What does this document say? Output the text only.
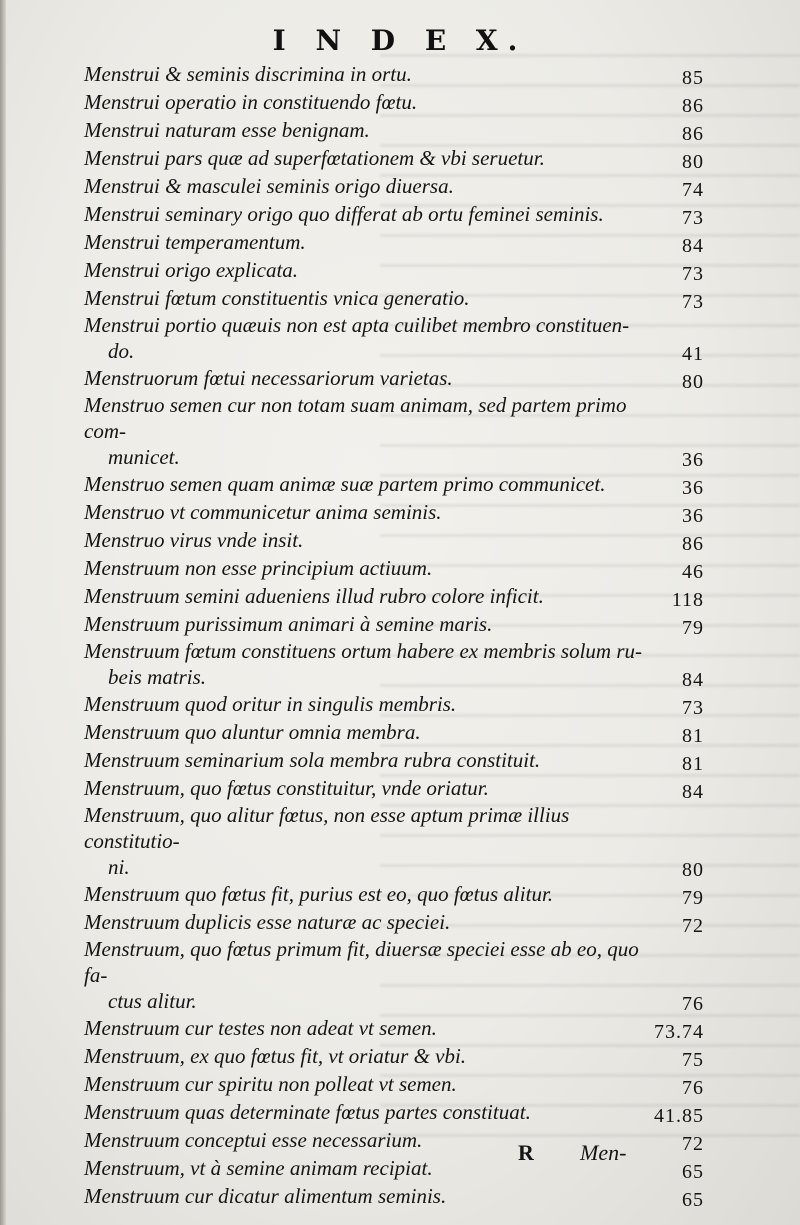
I N D E X.
Menstrui & seminis discrimina in ortu.	85
Menstrui operatio in constituendo fœtu.	86
Menstrui naturam esse benignam.	86
Menstrui pars quæ ad superfœtationem & vbi seruetur.	80
Menstrui & masculei seminis origo diuersa.	74
Menstrui seminary origo quo differat ab ortu feminei seminis.	73
Menstrui temperamentum.	84
Menstrui origo explicata.	73
Menstrui fœtum constituentis vnica generatio.	73
Menstrui portio quæuis non est apta cuilibet membro constituen-
do.	41
Menstruorum fœtui necessariorum varietas.	80
Menstruo semen cur non totam suam animam, sed partem primo com-
municet.	36
Menstruo semen quam animæ suæ partem primo communicet.	36
Menstruo vt communicetur anima seminis.	36
Menstruo virus vnde insit.	86
Menstruum non esse principium actiuum.	46
Menstruum semini adueniens illud rubro colore inficit.	118
Menstruum purissimum animari à semine maris.	79
Menstruum fœtum constituens ortum habere ex membris solum ru-
beis matris.	84
Menstruum quod oritur in singulis membris.	73
Menstruum quo aluntur omnia membra.	81
Menstruum seminarium sola membra rubra constituit.	81
Menstruum, quo fœtus constituitur, vnde oriatur.	84
Menstruum, quo alitur fœtus, non esse aptum primæ illius constitutio-
ni.	80
Menstruum quo fœtus fit, purius est eo, quo fœtus alitur.	79
Menstruum duplicis esse naturæ ac speciei.	72
Menstruum, quo fœtus primum fit, diuersæ speciei esse ab eo, quo fa-
ctus alitur.	76
Menstruum cur testes non adeat vt semen.	73.74
Menstruum, ex quo fœtus fit, vt oriatur & vbi.	75
Menstruum cur spiritu non polleat vt semen.	76
Menstruum quas determinate fœtus partes constituat.	41.85
Menstruum conceptui esse necessarium.	72
Menstruum, vt à semine animam recipiat.	65
Menstruum cur dicatur alimentum seminis.	65
R Men-
